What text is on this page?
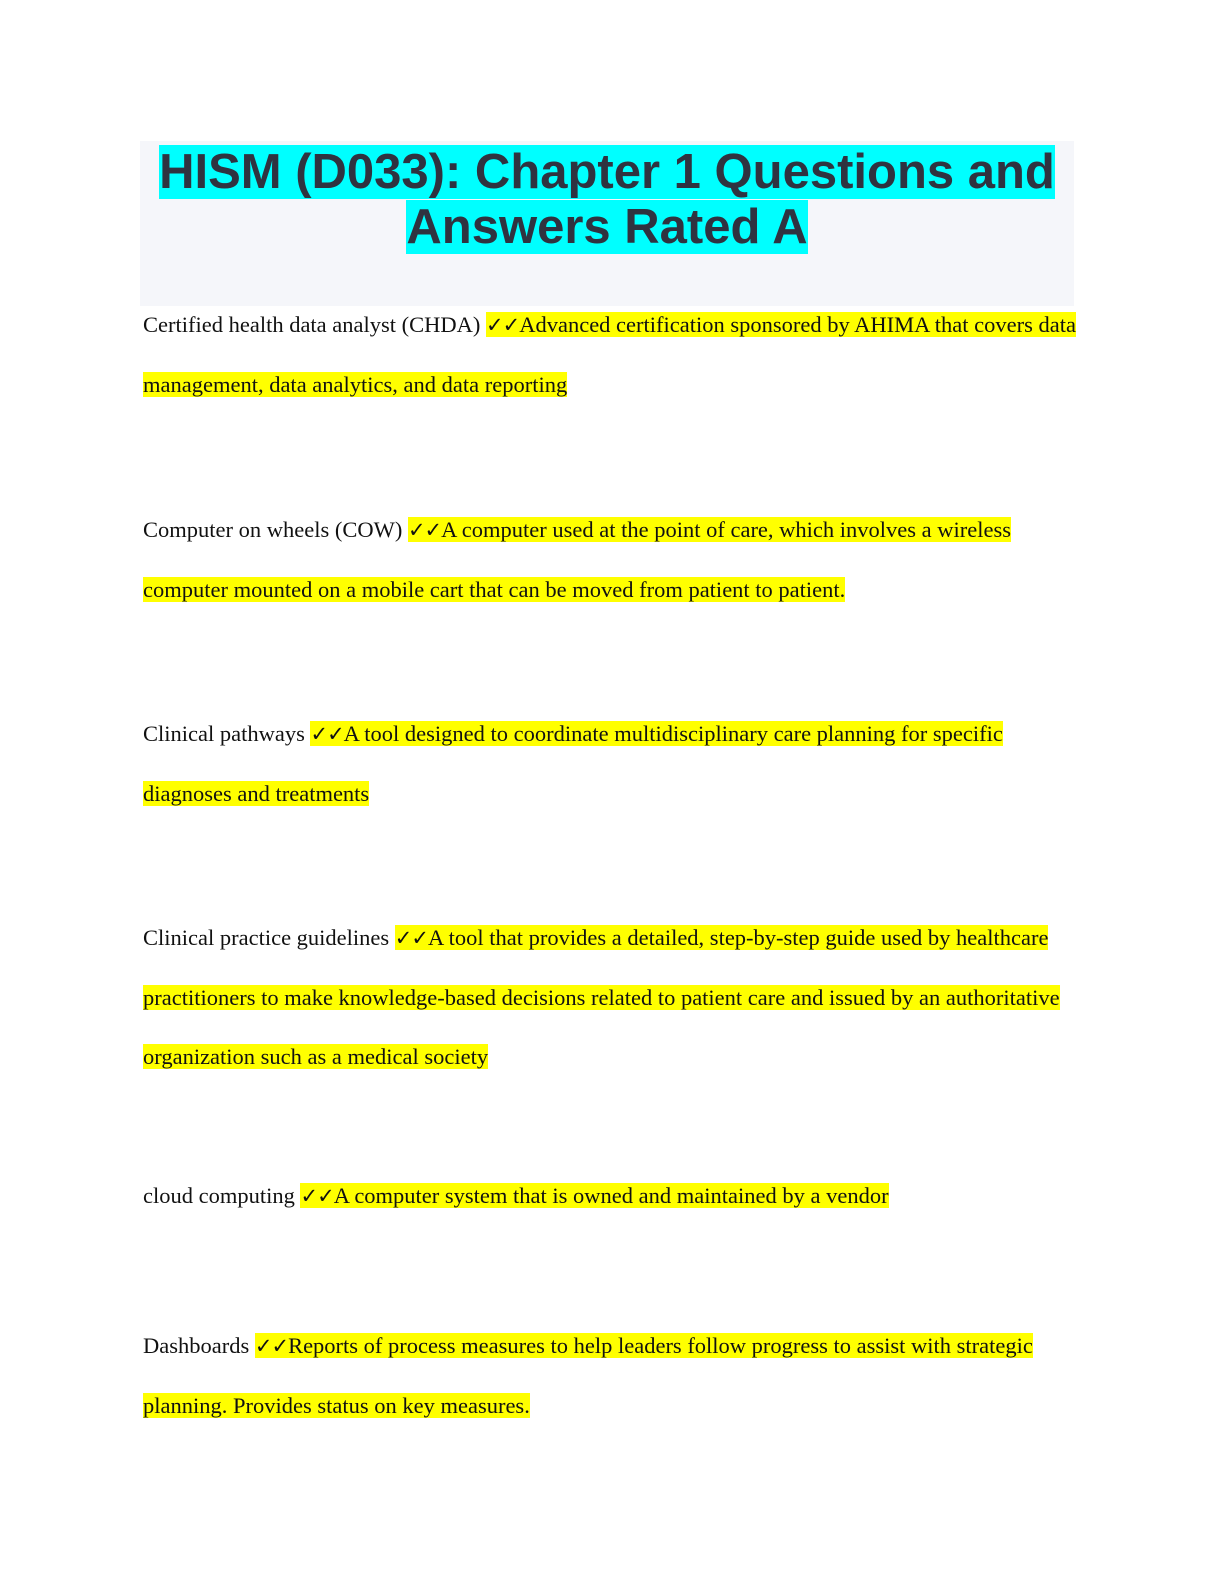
HISM (D033): Chapter 1 Questions and Answers Rated A

Certified health data analyst (CHDA) ✓✓Advanced certification sponsored by AHIMA that covers data management, data analytics, and data reporting

Computer on wheels (COW) ✓✓A computer used at the point of care, which involves a wireless computer mounted on a mobile cart that can be moved from patient to patient.

Clinical pathways ✓✓A tool designed to coordinate multidisciplinary care planning for specific diagnoses and treatments

Clinical practice guidelines ✓✓A tool that provides a detailed, step-by-step guide used by healthcare practitioners to make knowledge-based decisions related to patient care and issued by an authoritative organization such as a medical society

cloud computing ✓✓A computer system that is owned and maintained by a vendor

Dashboards ✓✓Reports of process measures to help leaders follow progress to assist with strategic planning. Provides status on key measures.
